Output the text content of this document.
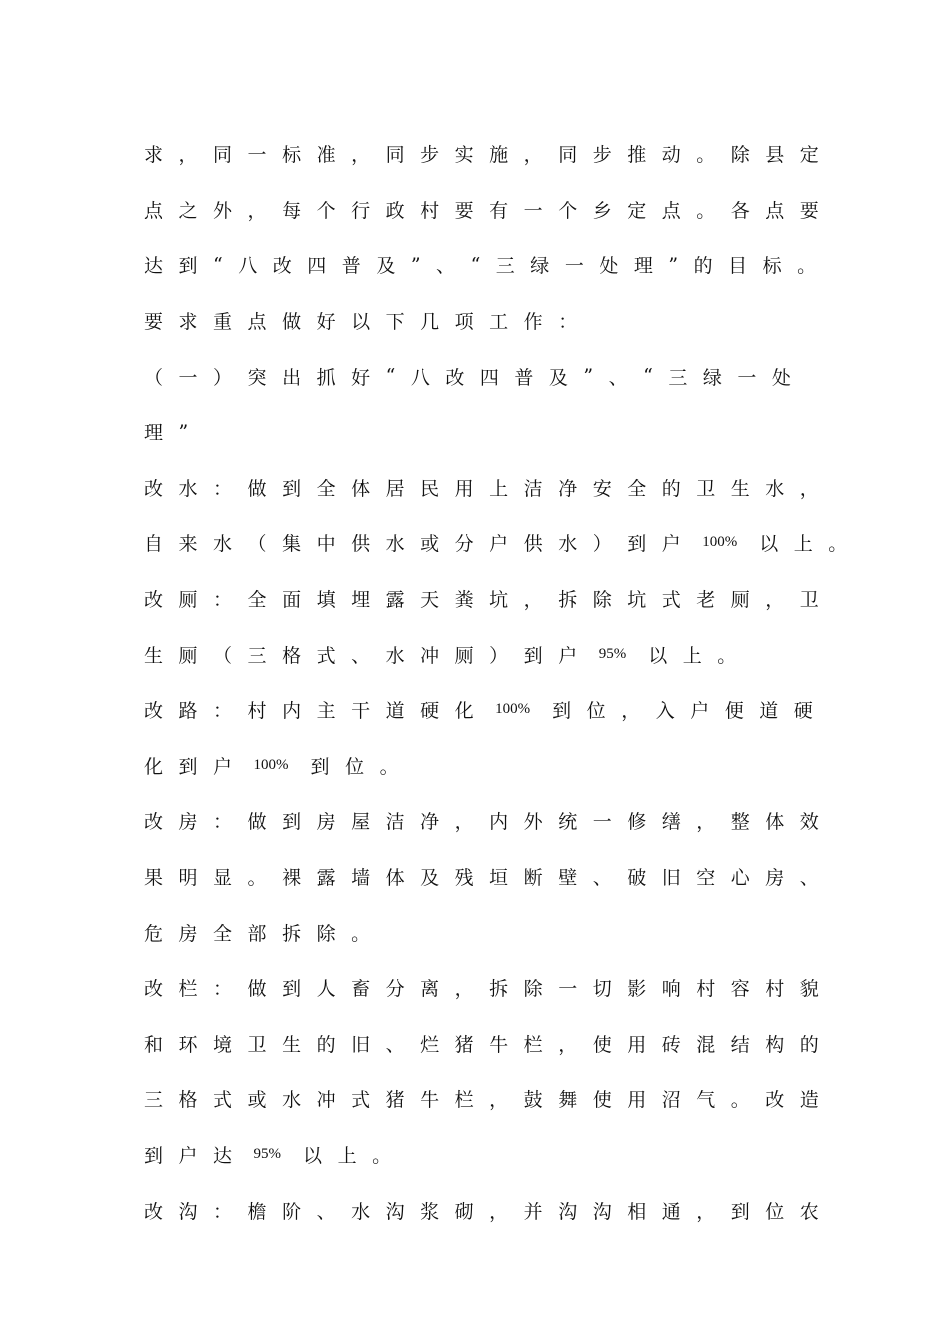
求 ， 同 一 标 准 ， 同 步 实 施 ， 同 步 推 动 。 除 县 定
点 之 外 ， 每 个 行 政 村 要 有 一 个 乡 定 点 。 各 点 要
达 到 “ 八 改 四 普 及 ” 、 “ 三 绿 一 处 理 ” 的 目 标 。
要 求 重 点 做 好 以 下 几 项 工 作 ：
（ 一 ） 突 出 抓 好 “ 八 改 四 普 及 ” 、 “ 三 绿 一 处
理 ”
改 水 ： 做 到 全 体 居 民 用 上 洁 净 安 全 的 卫 生 水 ，
自 来 水 （ 集 中 供 水 或 分 户 供 水 ） 到 户 100% 以 上 。
改 厕 ： 全 面 填 埋 露 天 粪 坑 ， 拆 除 坑 式 老 厕 ， 卫
生 厕 （ 三 格 式 、 水 冲 厕 ） 到 户 95% 以 上 。
改 路 ： 村 内 主 干 道 硬 化 100% 到 位 ， 入 户 便 道 硬
化 到 户 100% 到 位 。
改 房 ： 做 到 房 屋 洁 净 ， 内 外 统 一 修 缮 ， 整 体 效
果 明 显 。 裸 露 墙 体 及 残 垣 断 壁 、 破 旧 空 心 房 、
危 房 全 部 拆 除 。
改 栏 ： 做 到 人 畜 分 离 ， 拆 除 一 切 影 响 村 容 村 貌
和 环 境 卫 生 的 旧 、 烂 猪 牛 栏 ， 使 用 砖 混 结 构 的
三 格 式 或 水 冲 式 猪 牛 栏 ， 鼓 舞 使 用 沼 气 。 改 造
到 户 达 95% 以 上 。
改 沟 ： 檐 阶 、 水 沟 浆 砌 ， 并 沟 沟 相 通 ， 到 位 农
